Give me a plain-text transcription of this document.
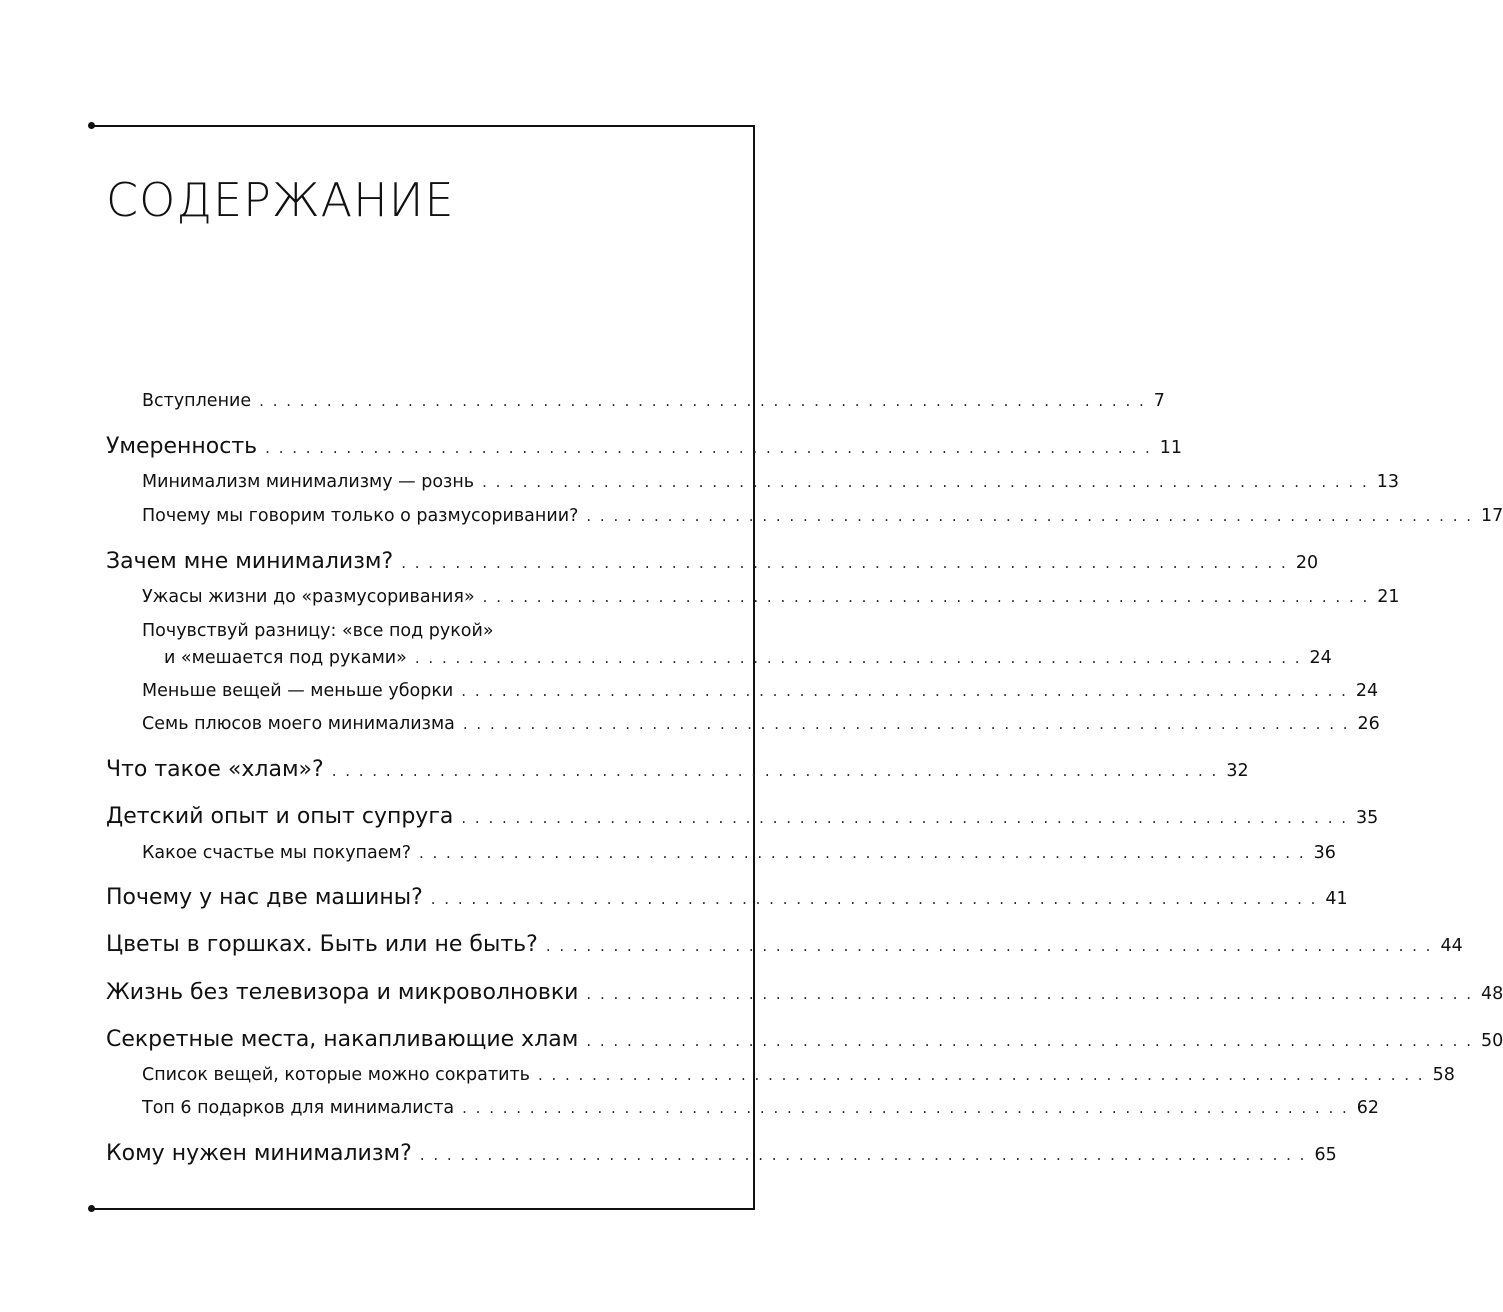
СОДЕРЖАНИЕ
Вступление . . . . . . . . . . . . . . . . . . . . . . . . . . . . . . . . . . . . . . . . . . . . . . . . . . . . . . . . . . . . . . . . . . 7
Умеренность . . . . . . . . . . . . . . . . . . . . . . . . . . . . . . . . . . . . . . . . . . . . . . . . . . . . . . . . . . . . . . . . . . 11
Минимализм минимализму — рознь . . . . . . . . . . . . . . . . . . . . . . . . . . . . . . . . . . . . . . . . . . . . . . . . . . . . . . . . . . . . . . . . . . 13
Почему мы говорим только о размусоривании? . . . . . . . . . . . . . . . . . . . . . . . . . . . . . . . . . . . . . . . . . . . . . . . . . . . . . . . . . . . . . . . . . . 17
Зачем мне минимализм? . . . . . . . . . . . . . . . . . . . . . . . . . . . . . . . . . . . . . . . . . . . . . . . . . . . . . . . . . . . . . . . . . . 20
Ужасы жизни до «размусоривания» . . . . . . . . . . . . . . . . . . . . . . . . . . . . . . . . . . . . . . . . . . . . . . . . . . . . . . . . . . . . . . . . . . 21
Почувствуй разницу: «все под рукой»
и «мешается под руками» . . . . . . . . . . . . . . . . . . . . . . . . . . . . . . . . . . . . . . . . . . . . . . . . . . . . . . . . . . . . . . . . . . 24
Меньше вещей — меньше уборки . . . . . . . . . . . . . . . . . . . . . . . . . . . . . . . . . . . . . . . . . . . . . . . . . . . . . . . . . . . . . . . . . . 24
Семь плюсов моего минимализма . . . . . . . . . . . . . . . . . . . . . . . . . . . . . . . . . . . . . . . . . . . . . . . . . . . . . . . . . . . . . . . . . . 26
Что такое «хлам»? . . . . . . . . . . . . . . . . . . . . . . . . . . . . . . . . . . . . . . . . . . . . . . . . . . . . . . . . . . . . . . . . . . 32
Детский опыт и опыт супруга . . . . . . . . . . . . . . . . . . . . . . . . . . . . . . . . . . . . . . . . . . . . . . . . . . . . . . . . . . . . . . . . . . 35
Какое счастье мы покупаем? . . . . . . . . . . . . . . . . . . . . . . . . . . . . . . . . . . . . . . . . . . . . . . . . . . . . . . . . . . . . . . . . . . 36
Почему у нас две машины? . . . . . . . . . . . . . . . . . . . . . . . . . . . . . . . . . . . . . . . . . . . . . . . . . . . . . . . . . . . . . . . . . . 41
Цветы в горшках. Быть или не быть? . . . . . . . . . . . . . . . . . . . . . . . . . . . . . . . . . . . . . . . . . . . . . . . . . . . . . . . . . . . . . . . . . . 44
Жизнь без телевизора и микроволновки . . . . . . . . . . . . . . . . . . . . . . . . . . . . . . . . . . . . . . . . . . . . . . . . . . . . . . . . . . . . . . . . . . 48
Секретные места, накапливающие хлам . . . . . . . . . . . . . . . . . . . . . . . . . . . . . . . . . . . . . . . . . . . . . . . . . . . . . . . . . . . . . . . . . . 50
Список вещей, которые можно сократить . . . . . . . . . . . . . . . . . . . . . . . . . . . . . . . . . . . . . . . . . . . . . . . . . . . . . . . . . . . . . . . . . . 58
Топ 6 подарков для минималиста . . . . . . . . . . . . . . . . . . . . . . . . . . . . . . . . . . . . . . . . . . . . . . . . . . . . . . . . . . . . . . . . . . 62
Кому нужен минимализм? . . . . . . . . . . . . . . . . . . . . . . . . . . . . . . . . . . . . . . . . . . . . . . . . . . . . . . . . . . . . . . . . . . 65
